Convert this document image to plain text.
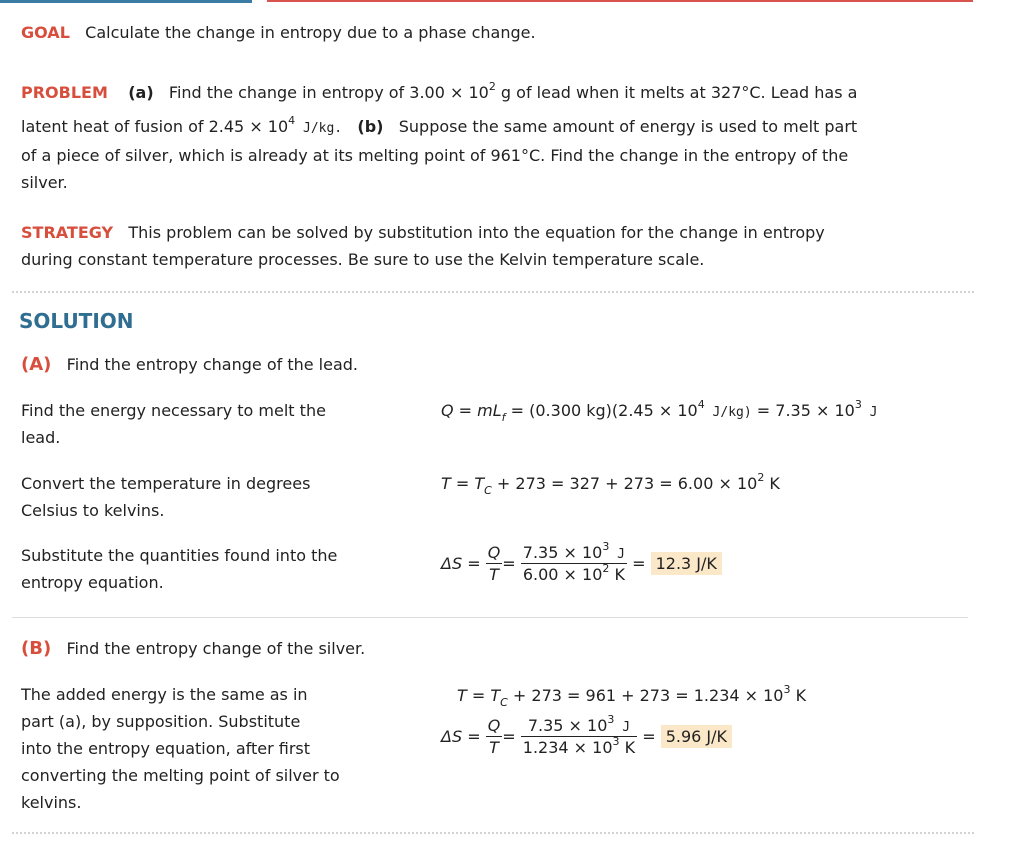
GOAL Calculate the change in entropy due to a phase change.
PROBLEM (a) Find the change in entropy of $3.00 \times 10^2$ g of lead when it melts at 327°C. Lead has a
latent heat of fusion of $2.45 \times 10^4$ J/kg. (b) Suppose the same amount of energy is used to melt part
of a piece of silver, which is already at its melting point of 961°C. Find the change in the entropy of the
silver.
STRATEGY This problem can be solved by substitution into the equation for the change in entropy
during constant temperature processes. Be sure to use the Kelvin temperature scale.
SOLUTION
(A) Find the entropy change of the lead.
Find the energy necessary to melt the
lead.
$Q = mL_f = (0.300$ $kg)(2.45 \times 10^4$ $J/kg) = 7.35 \times 10^3$ J
Convert the temperature in degrees
Celsius to kelvins.
$T = T_C + 273 = 327 + 273 = 6.00 \times 10^2$ K
Substitute the quantities found into the
entropy equation.
ΔS =
$\frac{Q}{T}$ =
$\frac{7.35 \times 10^3 J}{6.00 \times 10^2 K}$
=
12.3 J/K
(B) Find the entropy change of the silver.
The added energy is the same as in
part (a), by supposition. Substitute
into the entropy equation, after first
converting the melting point of silver to
kelvins.
$T = T_C + 273 = 961 + 273 = 1.234 \times 10^3$ K
ΔS =
$\frac{Q}{T}$ =
$\frac{7.35 \times 10^3 J}{1.234 \times 10^3 K}$
=
5.96 J/K
